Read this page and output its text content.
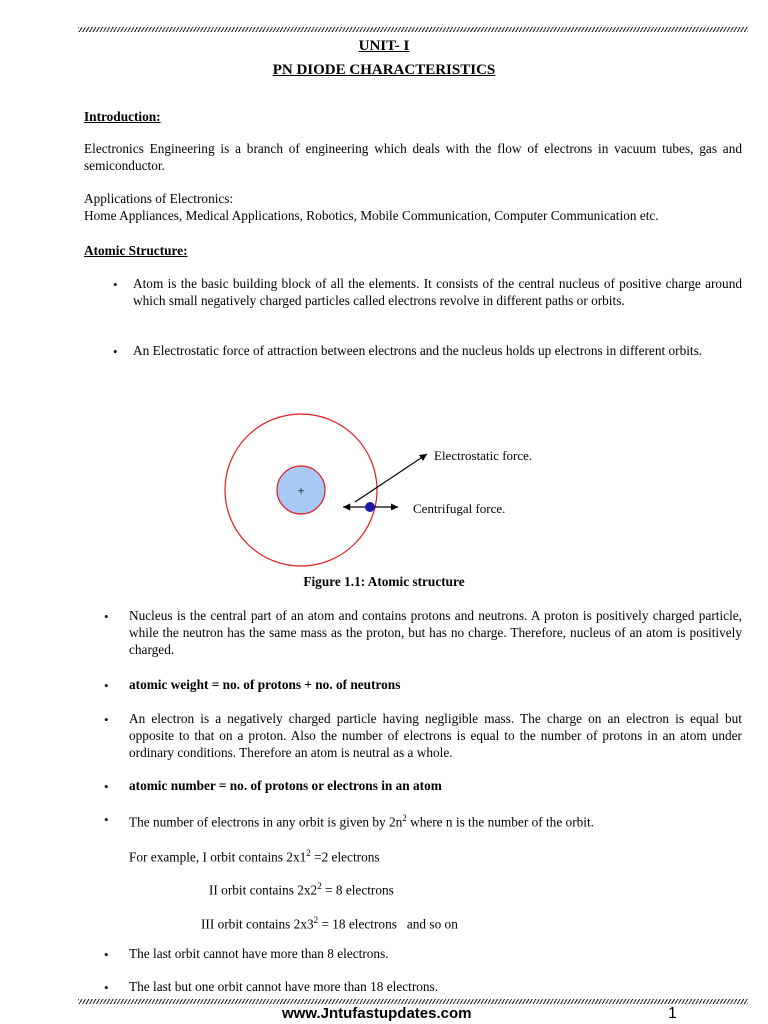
UNIT- I
PN DIODE CHARACTERISTICS
Introduction:
Electronics Engineering is a branch of engineering which deals with the flow of electrons in vacuum tubes, gas and semiconductor.
Applications of Electronics:
Home Appliances, Medical Applications, Robotics, Mobile Communication, Computer Communication etc.
Atomic Structure:
• Atom is the basic building block of all the elements. It consists of the central nucleus of positive charge around which small negatively charged particles called electrons revolve in different paths or orbits.
• An Electrostatic force of attraction between electrons and the nucleus holds up electrons in different orbits.
+
Electrostatic force.
Centrifugal force.
Figure 1.1: Atomic structure
• Nucleus is the central part of an atom and contains protons and neutrons. A proton is positively charged particle, while the neutron has the same mass as the proton, but has no charge. Therefore, nucleus of an atom is positively charged.
• atomic weight = no. of protons + no. of neutrons
• An electron is a negatively charged particle having negligible mass. The charge on an electron is equal but opposite to that on a proton. Also the number of electrons is equal to the number of protons in an atom under ordinary conditions. Therefore an atom is neutral as a whole.
• atomic number = no. of protons or electrons in an atom
• The number of electrons in any orbit is given by $2n^2$ where n is the number of the orbit.
For example, I orbit contains $2x1^2 =2$ electrons
II orbit contains $2x2^2 = 8$ electrons
III orbit contains $2x3^2 = 18$ electrons   and so on
• The last orbit cannot have more than 8 electrons.
• The last but one orbit cannot have more than 18 electrons.
www.Jntufastupdates.com	1
